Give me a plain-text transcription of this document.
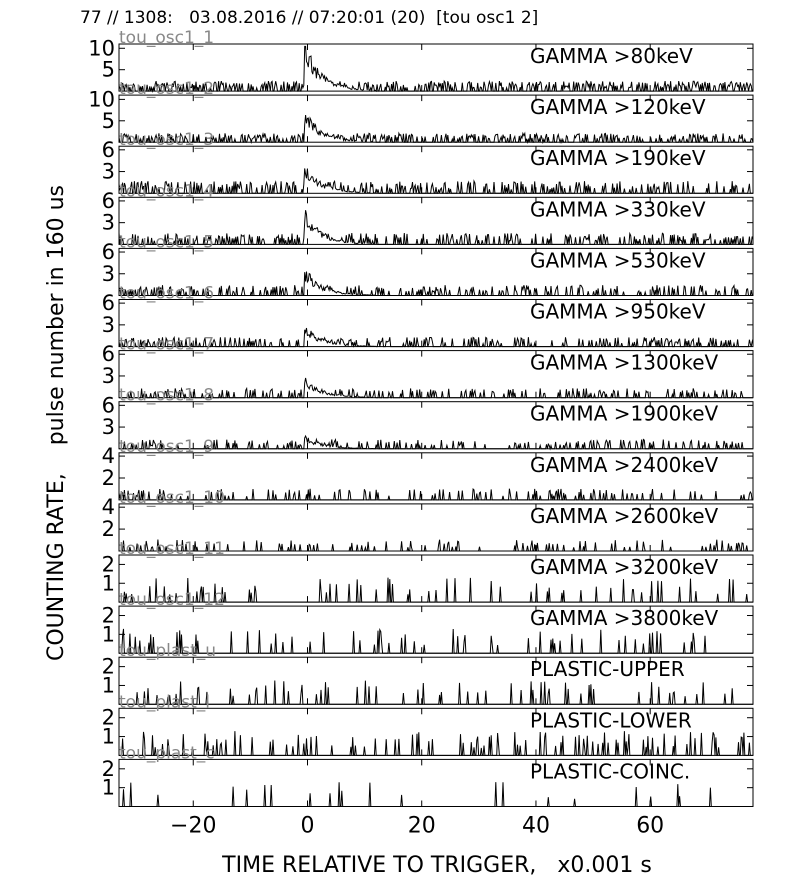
77 // 1308:   03.08.2016 // 07:20:01 (20)  [tou osc1 2]
5
10	GAMMA >80keV
tou_osc1_1
5
10	GAMMA >120keV
tou_osc1_2
3
6	GAMMA >190keV
tou_osc1_3
3
6	GAMMA >330keV
tou_osc1_4
3
6	GAMMA >530keV
tou_osc1_5
3
6	GAMMA >950keV
tou_osc1_6
3
6	GAMMA >1300keV
tou_osc1_7
3
6	GAMMA >1900keV
tou_osc1_8
2
4	GAMMA >2400keV
tou_osc1_9
2
4	GAMMA >2600keV
tou_osc1_10
1
2	GAMMA >3200keV
tou_osc1_11
1
2	GAMMA >3800keV
tou_osc1_12
1
2	PLASTIC-UPPER
tou_plast_u
1
2	PLASTIC-LOWER
tou_plast_l
1
2	PLASTIC-COINC.
tou_plast_c
−20	0	20	40	60
TIME RELATIVE TO TRIGGER,   x0.001 s
COUNTING RATE,    pulse number in 160 us
